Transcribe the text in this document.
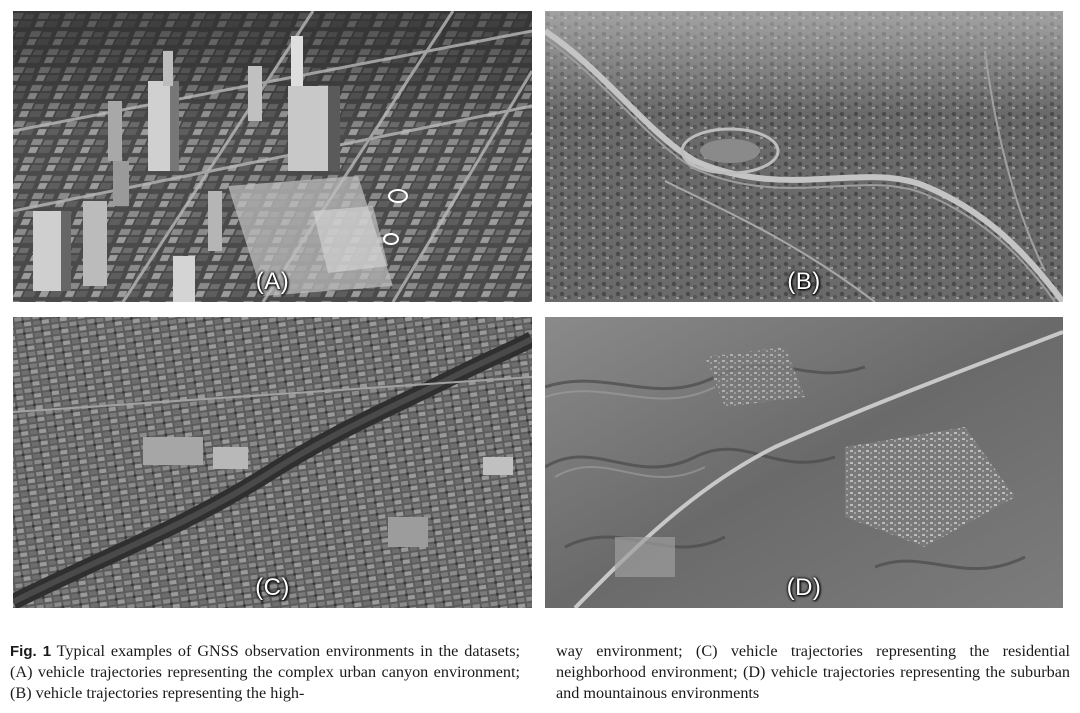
(A)	(B)
(C)	(D)
Fig. 1 Typical examples of GNSS observation environments in the datasets; (A) vehicle trajectories representing the complex urban canyon environment; (B) vehicle trajectories representing the high-
way environment; (C) vehicle trajectories representing the residential neighborhood environment; (D) vehicle trajectories representing the suburban and mountainous environments
